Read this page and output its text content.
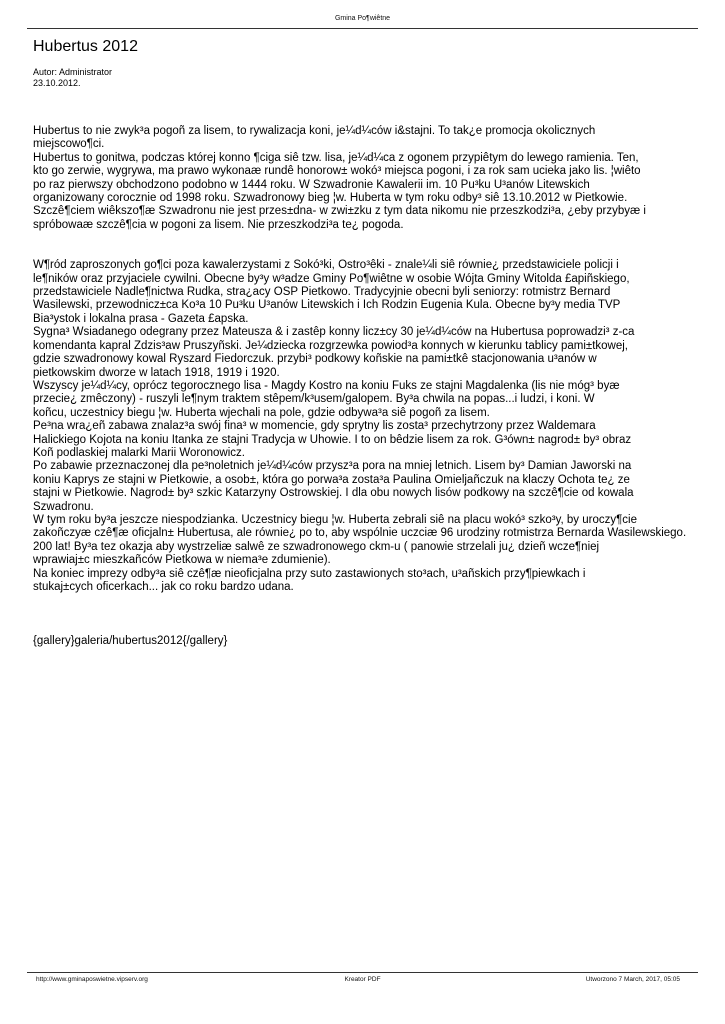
Gmina Po¶wiêtne
Hubertus 2012
Autor: Administrator
23.10.2012.
Hubertus to nie zwyk³a pogoñ za lisem, to rywalizacja koni, je¼d¼ców i&stajni. To tak¿e promocja okolicznych
miejscowo¶ci.
Hubertus to gonitwa, podczas której konno ¶ciga siê tzw. lisa, je¼d¼ca z ogonem przypiêtym do lewego ramienia. Ten,
kto go zerwie, wygrywa, ma prawo wykonaæ rundê honorow± wokó³ miejsca pogoni, i za rok sam ucieka jako lis. ¦wiêto
po raz pierwszy obchodzono podobno w 1444 roku. W Szwadronie Kawalerii im. 10 Pu³ku U³anów Litewskich
organizowany corocznie od 1998 roku. Szwadronowy bieg ¦w. Huberta w tym roku odby³ siê 13.10.2012 w Pietkowie.
Szczê¶ciem wiêkszo¶æ Szwadronu nie jest przes±dna- w zwi±zku z tym data nikomu nie przeszkodzi³a, ¿eby przybyæ i
spróbowaæ szczê¶cia w pogoni za lisem. Nie przeszkodzi³a te¿ pogoda.
W¶ród zaproszonych go¶ci poza kawalerzystami z Sokó³ki, Ostro³êki - znale¼li siê równie¿ przedstawiciele policji i
le¶ników oraz przyjaciele cywilni. Obecne by³y w³adze Gminy Po¶wiêtne w osobie Wójta Gminy Witolda £apiñskiego,
przedstawiciele Nadle¶nictwa Rudka, stra¿acy OSP Pietkowo. Tradycyjnie obecni byli seniorzy: rotmistrz Bernard
Wasilewski, przewodnicz±ca Ko³a 10 Pu³ku U³anów Litewskich i Ich Rodzin Eugenia Kula. Obecne by³y media TVP
Bia³ystok i lokalna prasa - Gazeta £apska.
Sygna³ Wsiadanego odegrany przez Mateusza & i zastêp konny licz±cy 30 je¼d¼ców na Hubertusa poprowadzi³ z-ca
komendanta kapral Zdzis³aw Pruszyñski. Je¼dziecka rozgrzewka powiod³a konnych w kierunku tablicy pami±tkowej,
gdzie szwadronowy kowal Ryszard Fiedorczuk. przybi³ podkowy koñskie na pami±tkê stacjonowania u³anów w
pietkowskim dworze w latach 1918, 1919 i 1920.
Wszyscy je¼d¼cy, oprócz tegorocznego lisa - Magdy Kostro na koniu Fuks ze stajni Magdalenka (lis nie móg³ byæ
przecie¿ zmêczony) - ruszyli le¶nym traktem stêpem/k³usem/galopem. By³a chwila na popas...i ludzi, i koni. W
koñcu, uczestnicy biegu ¦w. Huberta wjechali na pole, gdzie odbywa³a siê pogoñ za lisem.
Pe³na wra¿eñ zabawa znalaz³a swój fina³ w momencie, gdy sprytny lis zosta³ przechytrzony przez Waldemara
Halickiego Kojota na koniu Itanka ze stajni Tradycja w Uhowie. I to on bêdzie lisem za rok. G³ówn± nagrod± by³ obraz
Koñ podlaskiej malarki Marii Woronowicz.
Po zabawie przeznaczonej dla pe³noletnich je¼d¼ców przysz³a pora na mniej letnich. Lisem by³ Damian Jaworski na
koniu Kaprys ze stajni w Pietkowie, a osob±, która go porwa³a zosta³a Paulina Omieljañczuk na klaczy Ochota te¿ ze
stajni w Pietkowie. Nagrod± by³ szkic Katarzyny Ostrowskiej. I dla obu nowych lisów podkowy na szczê¶cie od kowala
Szwadronu.
W tym roku by³a jeszcze niespodzianka. Uczestnicy biegu ¦w. Huberta zebrali siê na placu wokó³ szko³y, by uroczy¶cie
zakoñczyæ czê¶æ oficjaln± Hubertusa, ale równie¿ po to, aby wspólnie uczciæ 96 urodziny rotmistrza Bernarda Wasilewskiego.
200 lat! By³a tez okazja aby wystrzeliæ salwê ze szwadronowego ckm-u ( panowie strzelali ju¿ dzieñ wcze¶niej
wprawiaj±c mieszkañców Pietkowa w niema³e zdumienie).
Na koniec imprezy odby³a siê czê¶æ nieoficjalna przy suto zastawionych sto³ach, u³añskich przy¶piewkach i
stukaj±cych oficerkach... jak co roku bardzo udana.
{gallery}galeria/hubertus2012{/gallery}
http://www.gminaposwietne.vipserv.org	Kreator PDF	Utworzono 7 March, 2017, 05:05
